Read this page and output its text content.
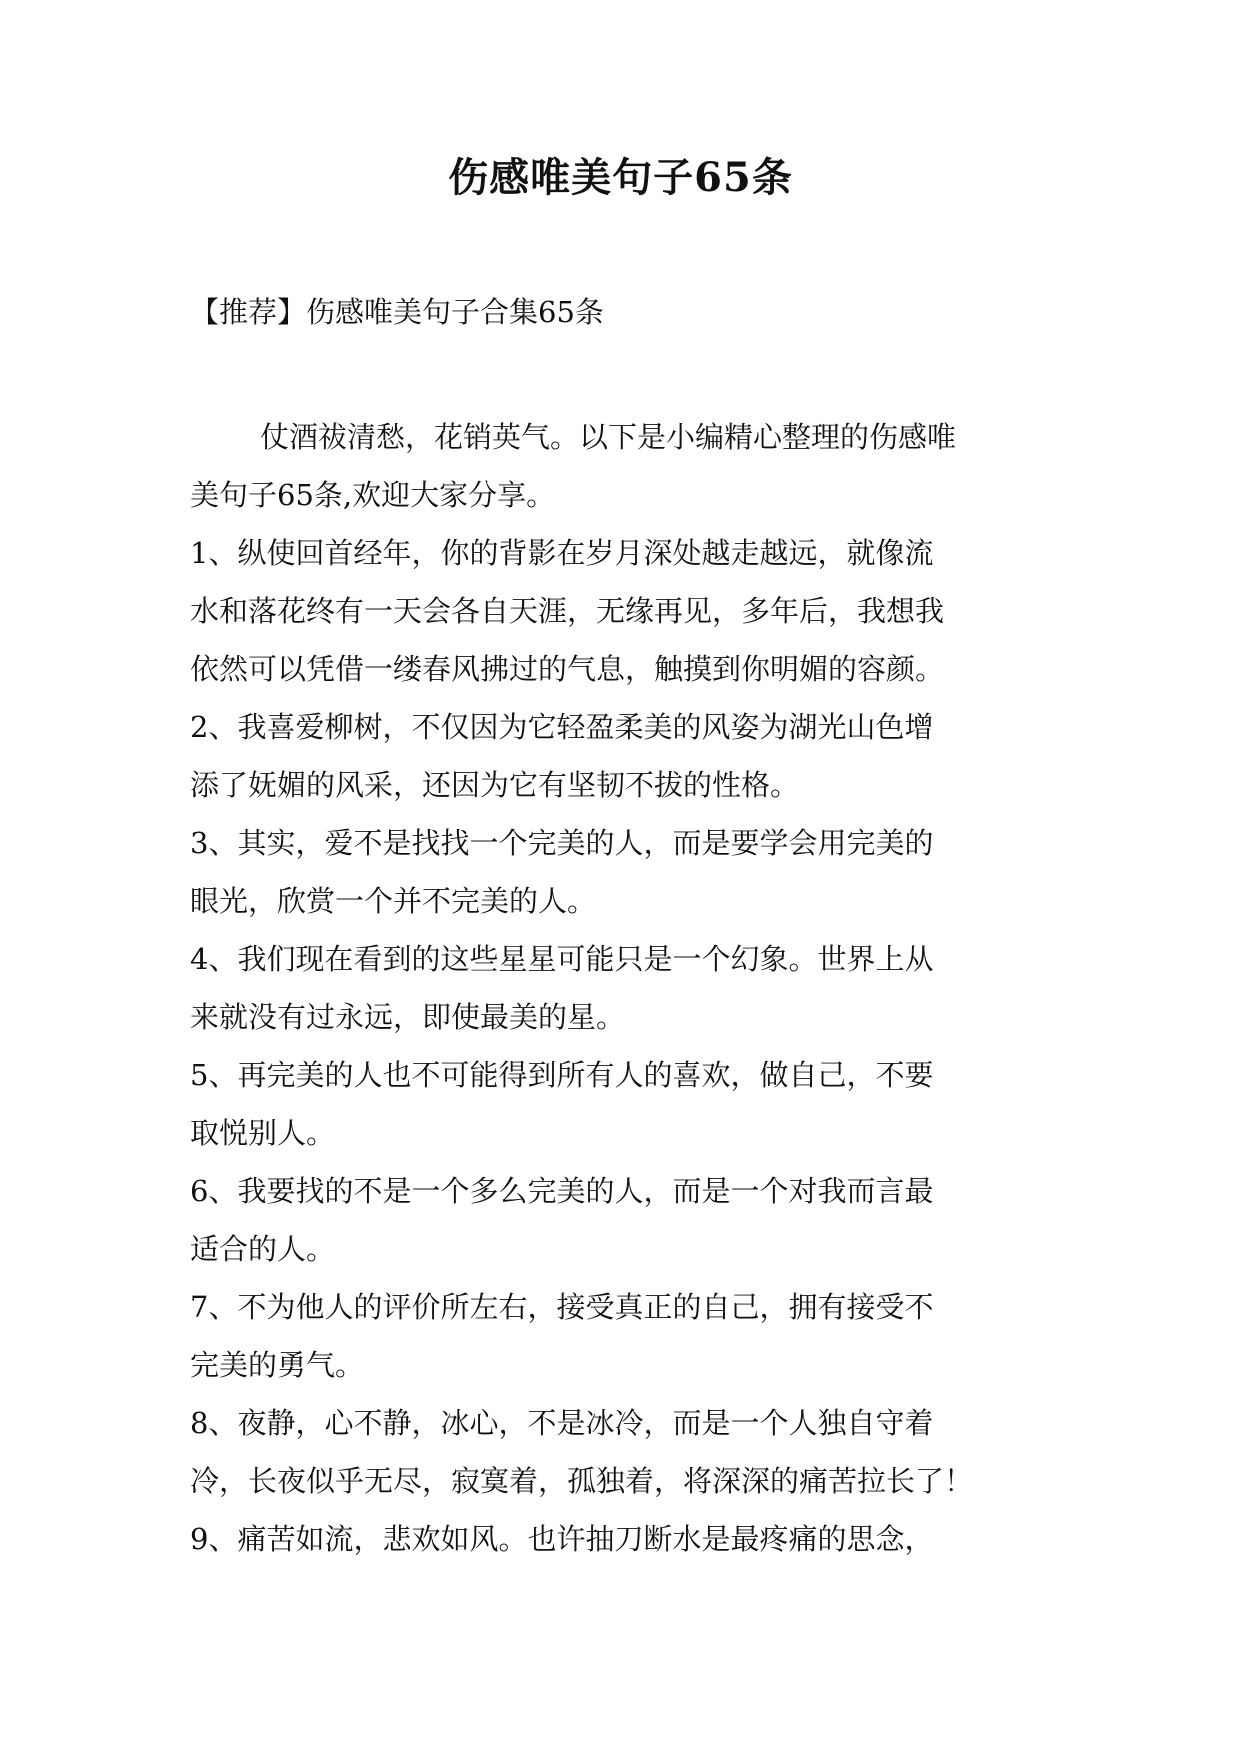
伤感唯美句子65条
【推荐】伤感唯美句子合集65条
仗酒祓清愁，花销英气。以下是小编精心整理的伤感唯
美句子65条,欢迎大家分享。
1、纵使回首经年，你的背影在岁月深处越走越远，就像流
水和落花终有一天会各自天涯，无缘再见，多年后，我想我
依然可以凭借一缕春风拂过的气息，触摸到你明媚的容颜。
2、我喜爱柳树，不仅因为它轻盈柔美的风姿为湖光山色增
添了妩媚的风采，还因为它有坚韧不拔的性格。
3、其实，爱不是找找一个完美的人，而是要学会用完美的
眼光，欣赏一个并不完美的人。
4、我们现在看到的这些星星可能只是一个幻象。世界上从
来就没有过永远，即使最美的星。
5、再完美的人也不可能得到所有人的喜欢，做自己，不要
取悦别人。
6、我要找的不是一个多么完美的人，而是一个对我而言最
适合的人。
7、不为他人的评价所左右，接受真正的自己，拥有接受不
完美的勇气。
8、夜静，心不静，冰心，不是冰冷，而是一个人独自守着
冷，长夜似乎无尽，寂寞着，孤独着，将深深的痛苦拉长了！
9、痛苦如流，悲欢如风。也许抽刀断水是最疼痛的思念，
